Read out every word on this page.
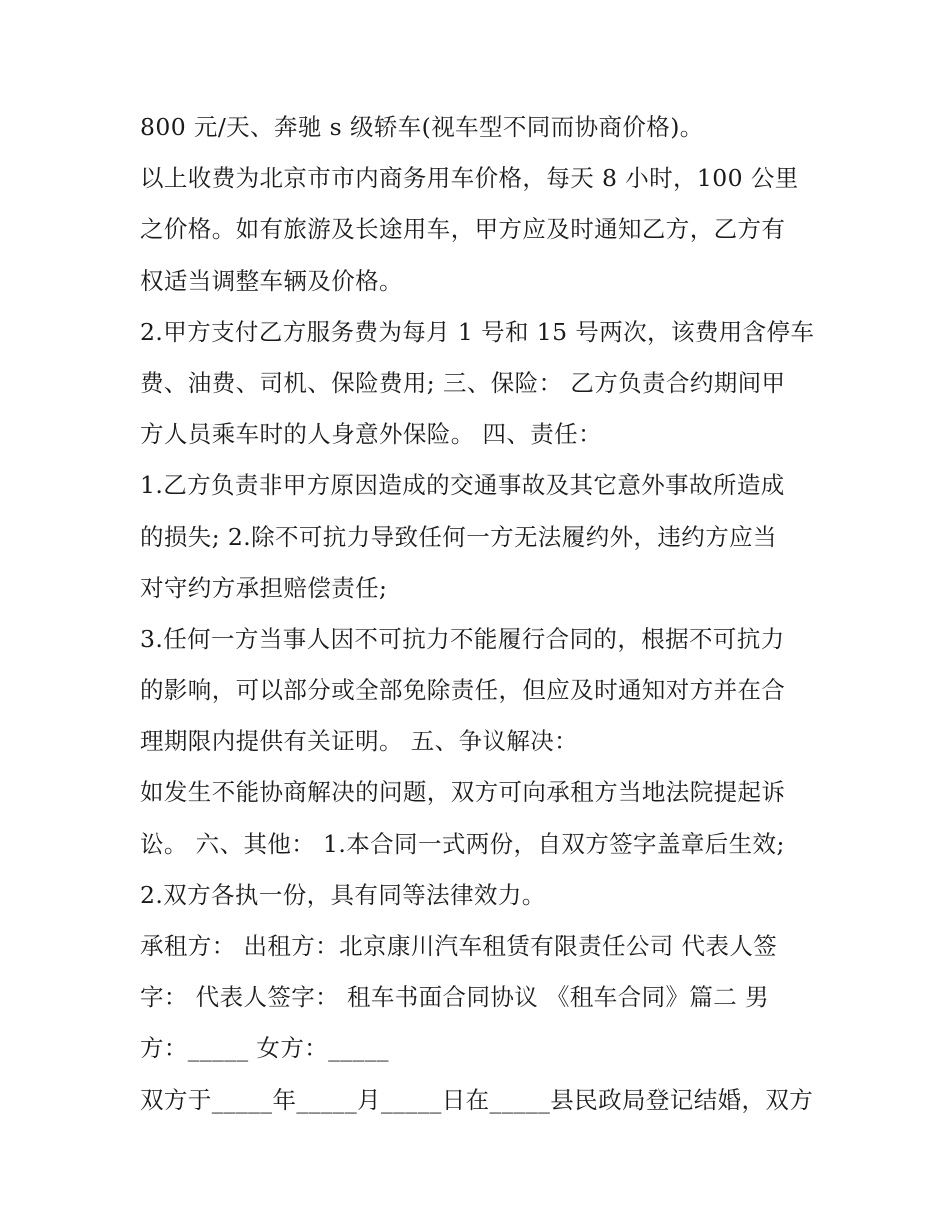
800 元/天、奔驰 s 级轿车(视车型不同而协商价格)。
以上收费为北京市市内商务用车价格，每天 8 小时，100 公里
之价格。如有旅游及长途用车，甲方应及时通知乙方，乙方有
权适当调整车辆及价格。
2.甲方支付乙方服务费为每月 1 号和 15 号两次，该费用含停车
费、油费、司机、保险费用; 三、保险： 乙方负责合约期间甲
方人员乘车时的人身意外保险。 四、责任：
1.乙方负责非甲方原因造成的交通事故及其它意外事故所造成
的损失; 2.除不可抗力导致任何一方无法履约外，违约方应当
对守约方承担赔偿责任;
3.任何一方当事人因不可抗力不能履行合同的，根据不可抗力
的影响，可以部分或全部免除责任，但应及时通知对方并在合
理期限内提供有关证明。 五、争议解决：
如发生不能协商解决的问题，双方可向承租方当地法院提起诉
讼。 六、其他： 1.本合同一式两份，自双方签字盖章后生效;
2.双方各执一份，具有同等法律效力。
承租方： 出租方：北京康川汽车租赁有限责任公司 代表人签
字： 代表人签字： 租车书面合同协议 《租车合同》篇二 男
方：_____ 女方：_____
双方于_____年_____月_____日在_____县民政局登记结婚，双方
